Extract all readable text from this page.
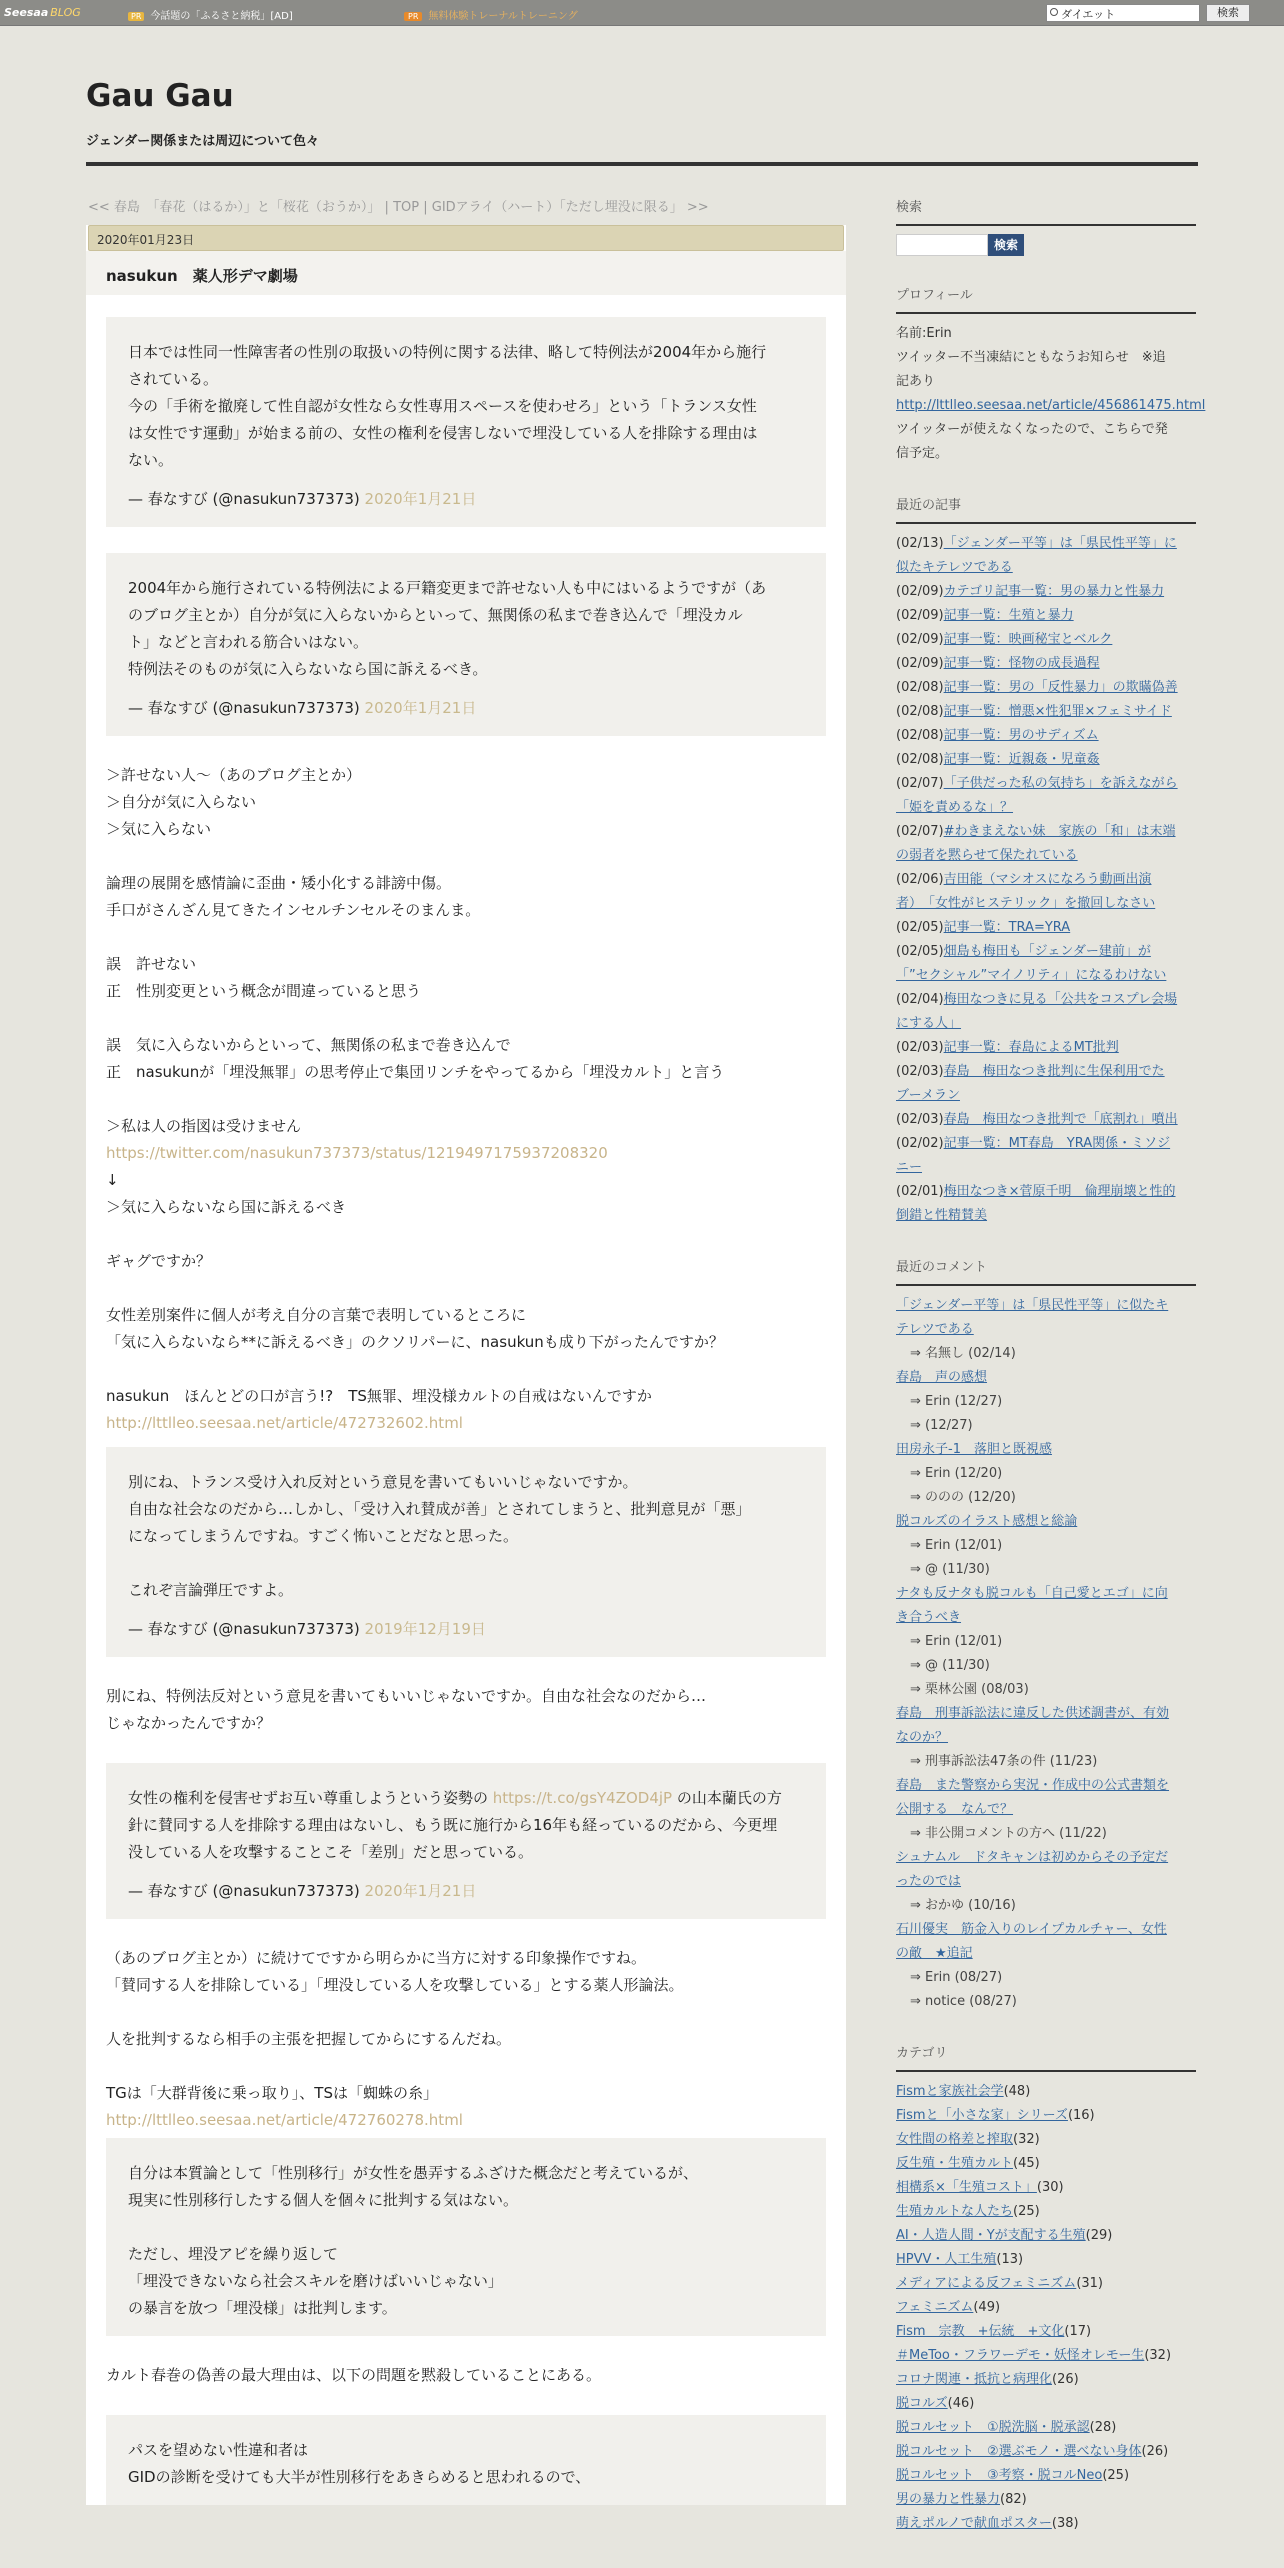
Seesaa BLOG	PR 今話題の「ふるさと納税」[AD]	PR 無料体験トレーナルトレーニング	ダイエット	検索
Gau Gau
ジェンダー関係または周辺について色々
<< 春島　「春花（はるか）」と「桜花（おうか）」 | TOP | GIDアライ（ハート）「ただし埋没に限る」 >>
2020年01月23日
nasukun　薬人形デマ劇場

日本では性同一性障害者の性別の取扱いの特例に関する法律、略して特例法が2004年から施行

されている。

今の「手術を撤廃して性自認が女性なら女性専用スペースを使わせろ」という「トランス女性

は女性です運動」が始まる前の、女性の権利を侵害しないで埋没している人を排除する理由は

ない。

— 春なすび (@nasukun737373) 2020年1月21日

2004年から施行されている特例法による戸籍変更まで許せない人も中にはいるようですが（あ

のブログ主とか）自分が気に入らないからといって、無関係の私まで巻き込んで「埋没カル

ト」などと言われる筋合いはない。

特例法そのものが気に入らないなら国に訴えるべき。

— 春なすび (@nasukun737373) 2020年1月21日

＞許せない人～（あのブログ主とか）

＞自分が気に入らない

＞気に入らない

論理の展開を感情論に歪曲・矮小化する誹謗中傷。

手口がさんざん見てきたインセルチンセルそのまんま。

誤　許せない

正　性別変更という概念が間違っていると思う

誤　気に入らないからといって、無関係の私まで巻き込んで

正　nasukunが「埋没無罪」の思考停止で集団リンチをやってるから「埋没カルト」と言う

＞私は人の指図は受けません

https://twitter.com/nasukun737373/status/1219497175937208320

↓

＞気に入らないなら国に訴えるべき

ギャグですか？

女性差別案件に個人が考え自分の言葉で表明しているところに

「気に入らないなら**に訴えるべき」のクソリパーに、nasukunも成り下がったんですか？

nasukun　ほんとどの口が言う!?　TS無罪、埋没様カルトの自戒はないんですか

http://lttlleo.seesaa.net/article/472732602.html

別にね、トランス受け入れ反対という意見を書いてもいいじゃないですか。

自由な社会なのだから…しかし、「受け入れ賛成が善」とされてしまうと、批判意見が「悪」

になってしまうんですね。すごく怖いことだなと思った。

これぞ言論弾圧ですよ。

— 春なすび (@nasukun737373) 2019年12月19日

別にね、特例法反対という意見を書いてもいいじゃないですか。自由な社会なのだから…

じゃなかったんですか？

女性の権利を侵害せずお互い尊重しようという姿勢の https://t.co/gsY4ZOD4jP の山本蘭氏の方

針に賛同する人を排除する理由はないし、もう既に施行から16年も経っているのだから、今更埋

没している人を攻撃することこそ「差別」だと思っている。

— 春なすび (@nasukun737373) 2020年1月21日

（あのブログ主とか）に続けてですから明らかに当方に対する印象操作ですね。

「賛同する人を排除している」「埋没している人を攻撃している」とする薬人形論法。

人を批判するなら相手の主張を把握してからにするんだね。

TGは「大群背後に乗っ取り」、TSは「蜘蛛の糸」

http://lttlleo.seesaa.net/article/472760278.html

自分は本質論として「性別移行」が女性を愚弄するふざけた概念だと考えているが、

現実に性別移行したする個人を個々に批判する気はない。

ただし、埋没アピを繰り返して

「埋没できないなら社会スキルを磨けばいいじゃない」

の暴言を放つ「埋没様」は批判します。

カルト春巻の偽善の最大理由は、以下の問題を黙殺していることにある。

パスを望めない性違和者は

GIDの診断を受けても大半が性別移行をあきらめると思われるので、

検索
検索
プロフィール
名前:Erin
ツイッター不当凍結にともなうお知らせ　※追
記あり
http://lttlleo.seesaa.net/article/456861475.html
ツイッターが使えなくなったので、こちらで発
信予定。
最近の記事
(02/13)「ジェンダー平等」は「県民性平等」に
似たキテレツである
(02/09)カテゴリ記事一覧：男の暴力と性暴力
(02/09)記事一覧：生殖と暴力
(02/09)記事一覧：映画秘宝とベルク
(02/09)記事一覧：怪物の成長過程
(02/08)記事一覧：男の「反性暴力」の欺瞞偽善
(02/08)記事一覧：憎悪×性犯罪×フェミサイド
(02/08)記事一覧：男のサディズム
(02/08)記事一覧：近親姦・児童姦
(02/07)「子供だった私の気持ち」を訴えながら
「姫を責めるな」？
(02/07)#わきまえない妹　家族の「和」は末端
の弱者を黙らせて保たれている
(02/06)吉田能（マシオスになろう動画出演
者）　「女性がヒステリック」を撤回しなさい
(02/05)記事一覧：TRA=YRA
(02/05)畑島も梅田も「ジェンダー建前」が
「”セクシャル”マイノリティ」になるわけない
(02/04)梅田なつきに見る「公共をコスプレ会場
にする人」
(02/03)記事一覧：春島によるMT批判
(02/03)春島　梅田なつき批判に生保利用でた
ブーメラン
(02/03)春島　梅田なつき批判で「底割れ」噴出
(02/02)記事一覧：MT春島　YRA関係・ミソジ
ニー
(02/01)梅田なつき×菅原千明　倫理崩壊と性的
倒錯と性精賛美
最近のコメント
「ジェンダー平等」は「県民性平等」に似たキ
テレツである
⇒ 名無し (02/14)
春島　声の感想
⇒ Erin (12/27)
⇒ (12/27)
田房永子-1　落胆と既視感
⇒ Erin (12/20)
⇒ ののの (12/20)
脱コルズのイラスト感想と総論
⇒ Erin (12/01)
⇒ @ (11/30)
ナタも反ナタも脱コルも「自己愛とエゴ」に向
き合うべき
⇒ Erin (12/01)
⇒ @ (11/30)
⇒ 栗林公園 (08/03)
春島　刑事訴訟法に違反した供述調書が、有効
なのか？
⇒ 刑事訴訟法47条の件 (11/23)
春島　また警察から実況・作成中の公式書類を
公開する　なんで？
⇒ 非公開コメントの方へ (11/22)
シュナムル　ドタキャンは初めからその予定だ
ったのでは
⇒ おかゆ (10/16)
石川優実　筋金入りのレイプカルチャー、女性
の敵　★追記
⇒ Erin (08/27)
⇒ notice (08/27)
カテゴリ
Fismと家族社会学(48)
Fismと「小さな家」シリーズ(16)
女性間の格差と搾取(32)
反生殖・生殖カルト(45)
相構系×「生殖コスト」(30)
生殖カルトな人たち(25)
AI・人造人間・Yが支配する生殖(29)
HPVV・人工生殖(13)
メディアによる反フェミニズム(31)
フェミニズム(49)
Fism　宗教　+伝統　+文化(17)
＃MeToo・フラワーデモ・妖怪オレモー生(32)
コロナ関連・抵抗と病理化(26)
脱コルズ(46)
脱コルセット　①脱洗脳・脱承認(28)
脱コルセット　②選ぶモノ・選べない身体(26)
脱コルセット　③考察・脱コルNeo(25)
男の暴力と性暴力(82)
萌えポルノで献血ポスター(38)
